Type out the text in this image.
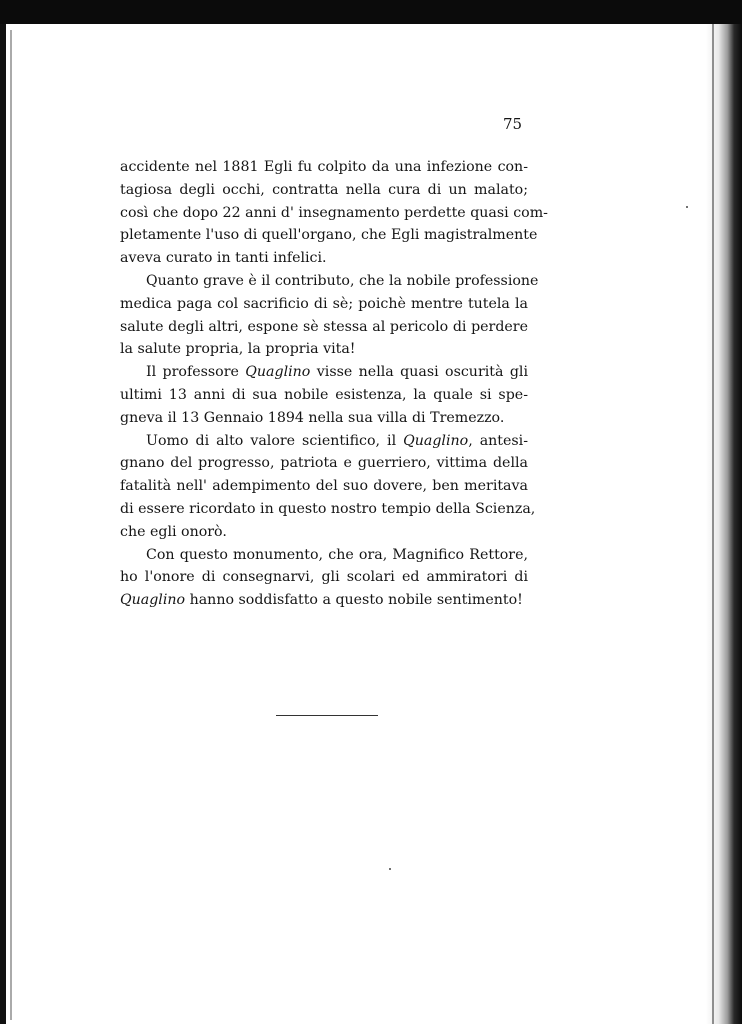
75
accidente nel 1881 Egli fu colpito da una infezione con-
tagiosa degli occhi, contratta nella cura di un malato;
così che dopo 22 anni d' insegnamento perdette quasi com-
pletamente l'uso di quell'organo, che Egli magistralmente
aveva curato in tanti infelici.
Quanto grave è il contributo, che la nobile professione
medica paga col sacrificio di sè; poichè mentre tutela la
salute degli altri, espone sè stessa al pericolo di perdere
la salute propria, la propria vita!
Il professore Quaglino visse nella quasi oscurità gli
ultimi 13 anni di sua nobile esistenza, la quale si spe-
gneva il 13 Gennaio 1894 nella sua villa di Tremezzo.
Uomo di alto valore scientifico, il Quaglino, antesi-
gnano del progresso, patriota e guerriero, vittima della
fatalità nell' adempimento del suo dovere, ben meritava
di essere ricordato in questo nostro tempio della Scienza,
che egli onorò.
Con questo monumento, che ora, Magnifico Rettore,
ho l'onore di consegnarvi, gli scolari ed ammiratori di
Quaglino hanno soddisfatto a questo nobile sentimento!
